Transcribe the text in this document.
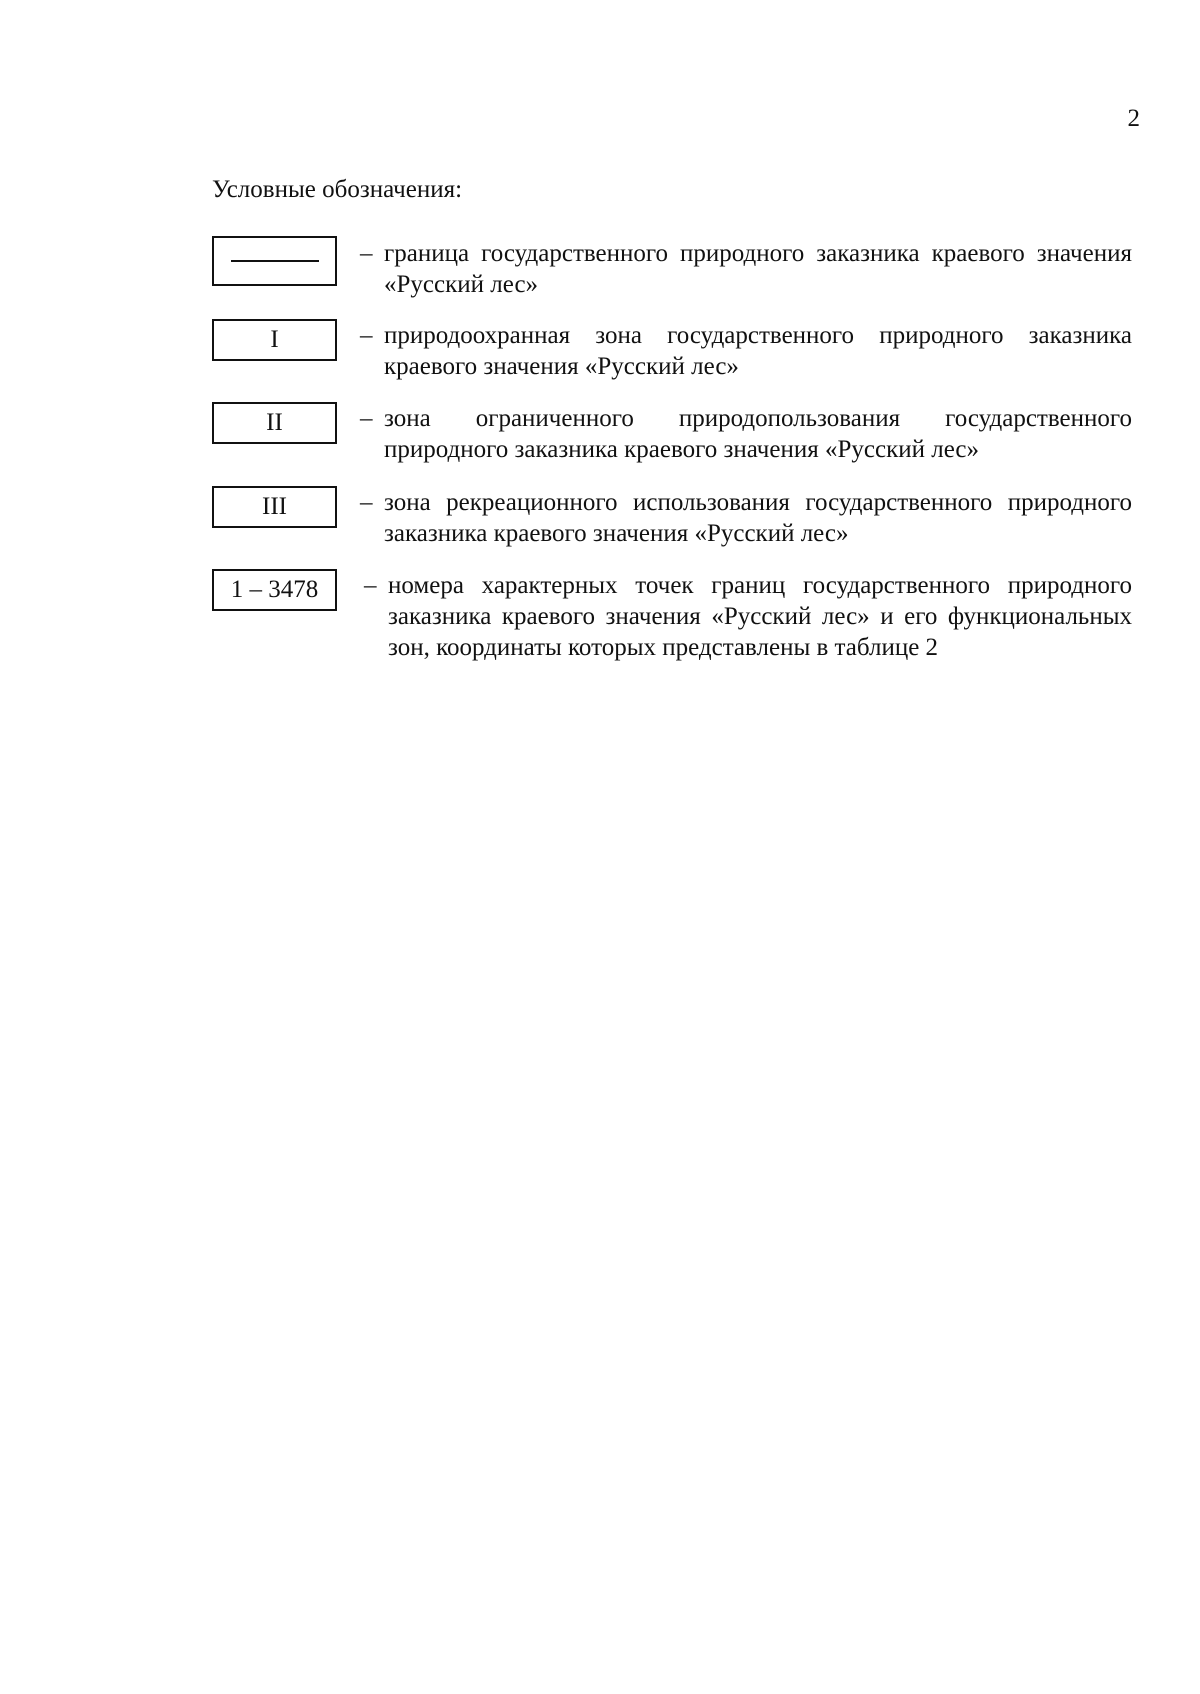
2
Условные обозначения:
– граница государственного природного заказника краевого значения «Русский лес»
I	– природоохранная зона государственного природного заказника краевого значения «Русский лес»
II	– зона ограниченного природопользования государственного природного заказника краевого значения «Русский лес»
III	– зона рекреационного использования государственного природного заказника краевого значения «Русский лес»
1 – 3478 – номера характерных точек границ государственного природного заказника краевого значения «Русский лес» и его функциональных зон, координаты которых представлены в таблице 2
